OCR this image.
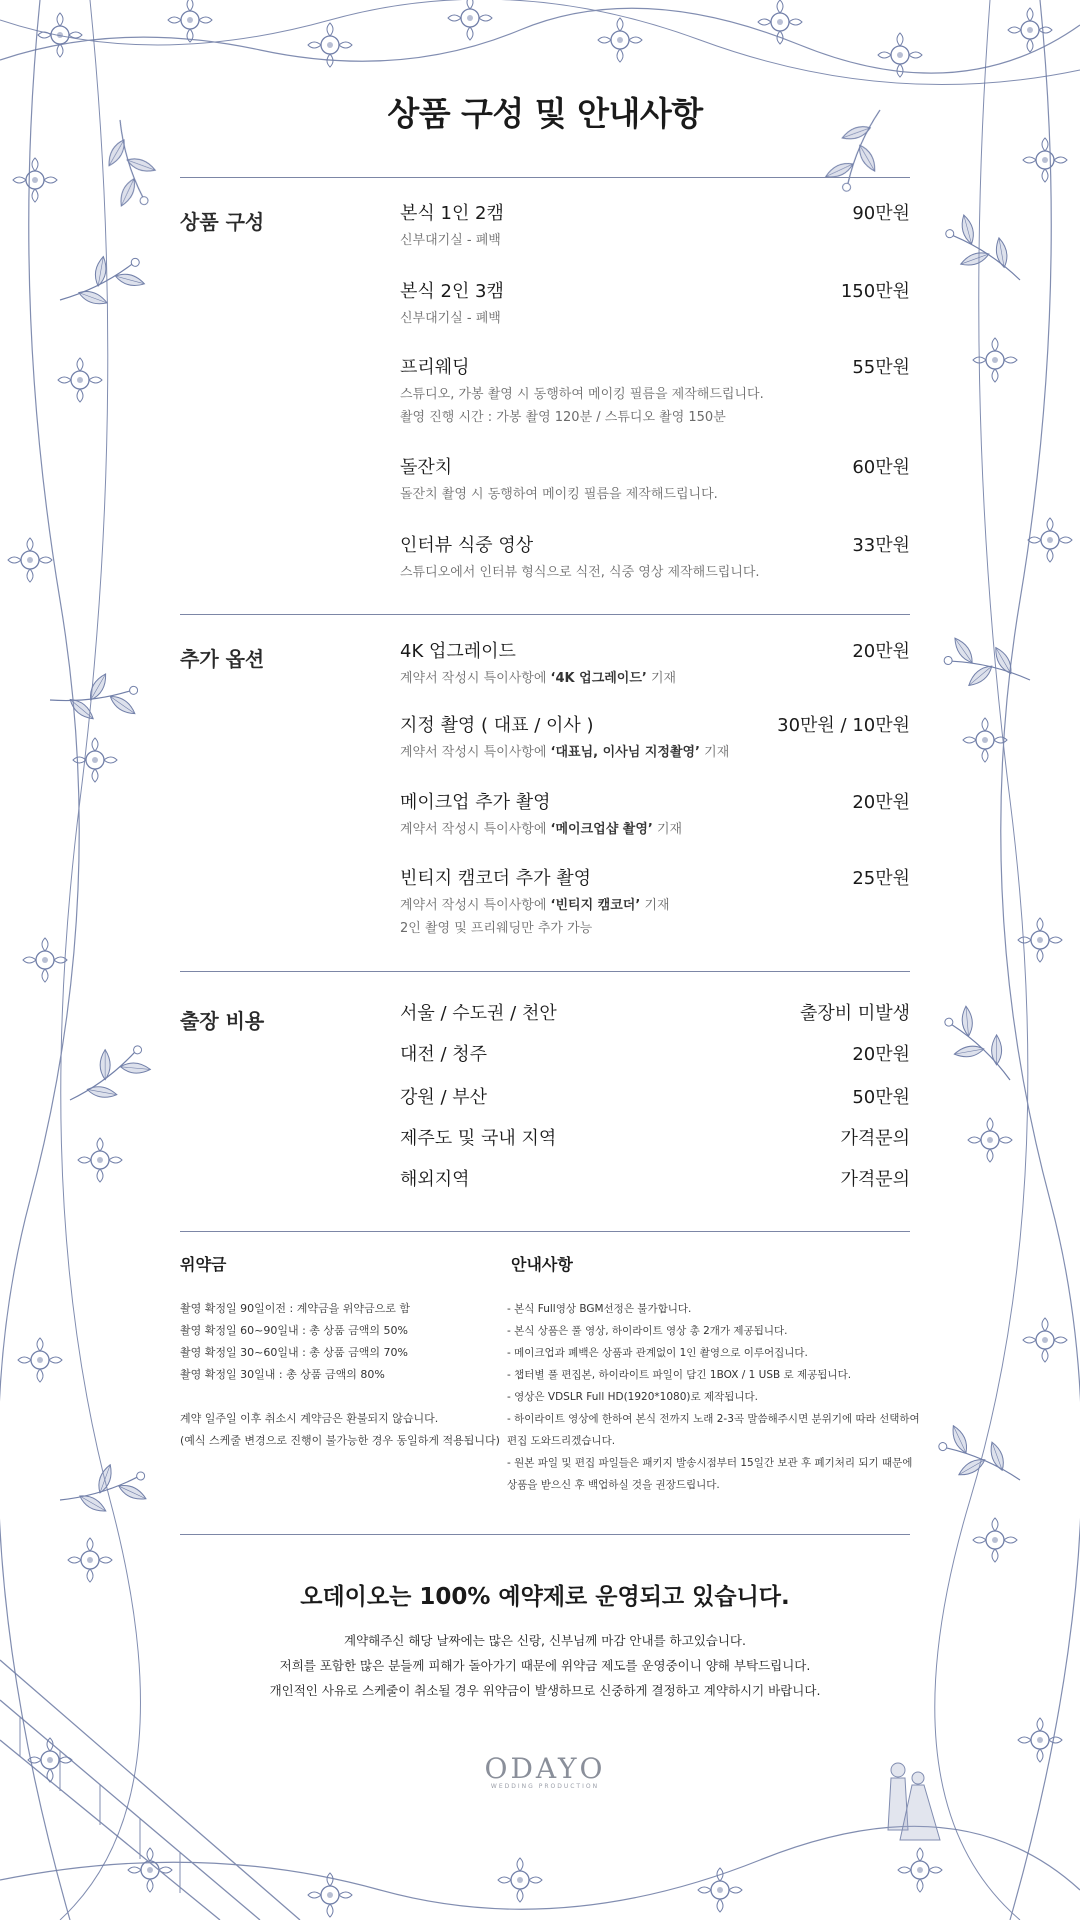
상품 구성 및 안내사항
상품 구성	본식 1인 2캠	90만원
신부대기실 - 폐백
본식 2인 3캠	150만원
신부대기실 - 폐백
프리웨딩	55만원
스튜디오, 가봉 촬영 시 동행하여 메이킹 필름을 제작해드립니다.
촬영 진행 시간 : 가봉 촬영 120분 / 스튜디오 촬영 150분
돌잔치	60만원
돌잔치 촬영 시 동행하여 메이킹 필름을 제작해드립니다.
인터뷰 식중 영상	33만원
스튜디오에서 인터뷰 형식으로 식전, 식중 영상 제작해드립니다.
추가 옵션	4K 업그레이드	20만원
계약서 작성시 특이사항에 ‘4K 업그레이드’ 기재
지정 촬영 ( 대표 / 이사 )	30만원 / 10만원
계약서 작성시 특이사항에 ‘대표님, 이사님 지정촬영’ 기재
메이크업 추가 촬영	20만원
계약서 작성시 특이사항에 ‘메이크업샵 촬영’ 기재
빈티지 캠코더 추가 촬영	25만원
계약서 작성시 특이사항에 ‘빈티지 캠코더’ 기재
2인 촬영 및 프리웨딩만 추가 가능
출장 비용	서울 / 수도권 / 천안	출장비 미발생
대전 / 청주	20만원
강원 / 부산	50만원
제주도 및 국내 지역	가격문의
해외지역	가격문의
위약금
촬영 확정일 90일이전 : 계약금을 위약금으로 함
촬영 확정일 60~90일내 : 총 상품 금액의 50%
촬영 확정일 30~60일내 : 총 상품 금액의 70%
촬영 확정일 30일내 : 총 상품 금액의 80%
계약 일주일 이후 취소시 계약금은 환불되지 않습니다.
(예식 스케줄 변경으로 진행이 불가능한 경우 동일하게 적용됩니다)
안내사항
- 본식 Full영상 BGM선정은 불가합니다.
- 본식 상품은 풀 영상, 하이라이트 영상 총 2개가 제공됩니다.
- 메이크업과 폐백은 상품과 관계없이 1인 촬영으로 이루어집니다.
- 챕터별 풀 편집본, 하이라이트 파일이 담긴 1BOX / 1 USB 로 제공됩니다.
- 영상은 VDSLR Full HD(1920*1080)로 제작됩니다.
- 하이라이트 영상에 한하여 본식 전까지 노래 2-3곡 말씀해주시면 분위기에 따라 선택하여
편집 도와드리겠습니다.
- 원본 파일 및 편집 파일들은 패키지 발송시점부터 15일간 보관 후 폐기처리 되기 때문에
상품을 받으신 후 백업하실 것을 권장드립니다.
오데이오는 100% 예약제로 운영되고 있습니다.
계약해주신 해당 날짜에는 많은 신랑, 신부님께 마감 안내를 하고있습니다.
저희를 포함한 많은 분들께 피해가 돌아가기 때문에 위약금 제도를 운영중이니 양해 부탁드립니다.
개인적인 사유로 스케줄이 취소될 경우 위약금이 발생하므로 신중하게 결정하고 계약하시기 바랍니다.
ODAYO
WEDDING PRODUCTION
